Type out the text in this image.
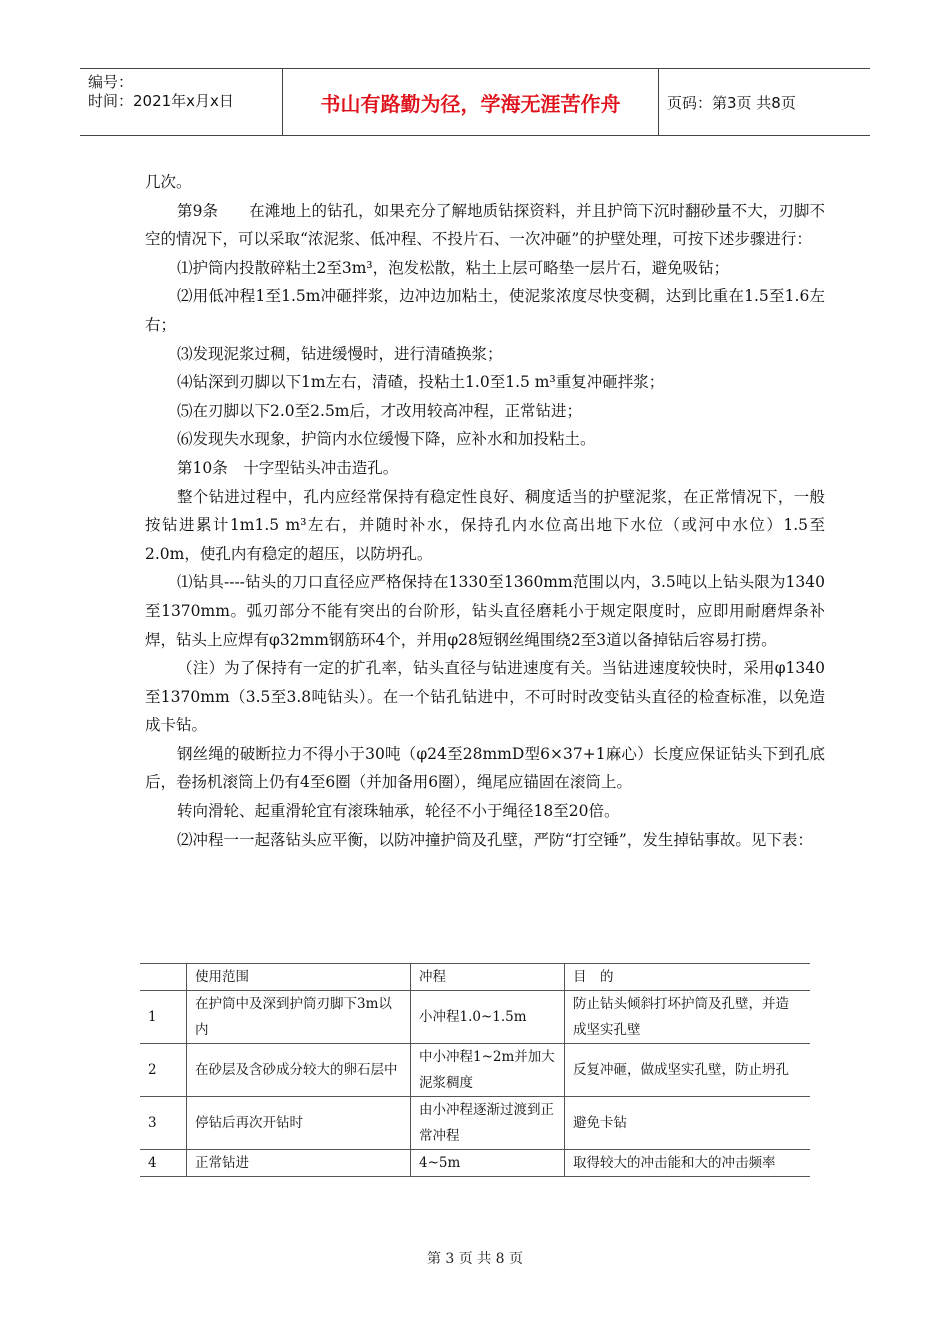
编号：
时间：2021年x月x日	书山有路勤为径，学海无涯苦作舟	页码：第3页 共8页

几次。

第9条　　在滩地上的钻孔，如果充分了解地质钻探资料，并且护筒下沉时翻砂量不大，刃脚不空的情况下，可以采取“浓泥浆、低冲程、不投片石、一次冲砸”的护壁处理，可按下述步骤进行：

⑴护筒内投散碎粘土2至3m³，泡发松散，粘土上层可略垫一层片石，避免吸钻；

⑵用低冲程1至1.5m冲砸拌浆，边冲边加粘土，使泥浆浓度尽快变稠，达到比重在1.5至1.6左右；

⑶发现泥浆过稠，钻进缓慢时，进行清碴换浆；

⑷钻深到刃脚以下1m左右，清碴，投粘土1.0至1.5 m³重复冲砸拌浆；

⑸在刃脚以下2.0至2.5m后，才改用较高冲程，正常钻进；

⑹发现失水现象，护筒内水位缓慢下降，应补水和加投粘土。

第10条　十字型钻头冲击造孔。

整个钻进过程中，孔内应经常保持有稳定性良好、稠度适当的护壁泥浆，在正常情况下，一般按钻进累计1m1.5 m³左右，并随时补水，保持孔内水位高出地下水位（或河中水位）1.5至2.0m，使孔内有稳定的超压，以防坍孔。

⑴钻具----钻头的刀口直径应严格保持在1330至1360mm范围以内，3.5吨以上钻头限为1340至1370mm。弧刃部分不能有突出的台阶形，钻头直径磨耗小于规定限度时，应即用耐磨焊条补焊，钻头上应焊有φ32mm钢筋环4个，并用φ28短钢丝绳围绕2至3道以备掉钻后容易打捞。

（注）为了保持有一定的扩孔率，钻头直径与钻进速度有关。当钻进速度较快时，采用φ1340至1370mm（3.5至3.8吨钻头）。在一个钻孔钻进中，不可时时改变钻头直径的检查标准，以免造成卡钻。

钢丝绳的破断拉力不得小于30吨（φ24至28mmD型6×37+1麻心）长度应保证钻头下到孔底后，卷扬机滚筒上仍有4至6圈（并加备用6圈），绳尾应锚固在滚筒上。

转向滑轮、起重滑轮宜有滚珠轴承，轮径不小于绳径18至20倍。

⑵冲程一一起落钻头应平衡，以防冲撞护筒及孔壁，严防“打空锤”，发生掉钻事故。见下表：

	使用范围	冲程	目　的
1	在护筒中及深到护筒刃脚下3m以内	小冲程1.0~1.5m	防止钻头倾斜打坏护筒及孔壁，并造成坚实孔壁
2	在砂层及含砂成分较大的卵石层中	中小冲程1~2m并加大泥浆稠度	反复冲砸，做成坚实孔壁，防止坍孔
3	停钻后再次开钻时	由小冲程逐渐过渡到正常冲程	避免卡钻
4	正常钻进	4~5m	取得较大的冲击能和大的冲击频率
第 3 页 共 8 页
